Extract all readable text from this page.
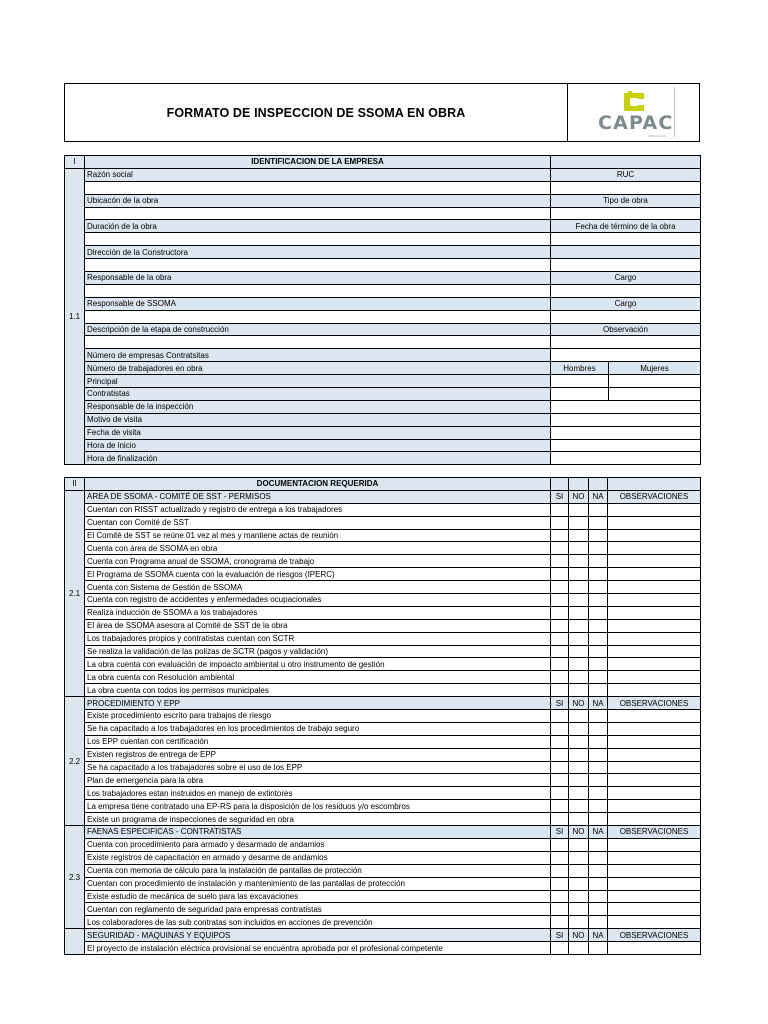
FORMATO DE INSPECCION DE SSOMA EN OBRA	CAPAC
ASOCIADOS
I	IDENTIFICACION DE LA EMPRESA		
1.1	Razón social	RUC	

	Ubicacón de la obra	Tipo de obra	

	Duración de la obra	Fecha de término de la obra	

	Dirección de la Constructora		

	Responsable de la obra	Cargo	

	Responsable de SSOMA	Cargo	

	Descripción de la etapa de construcción	Observación	

	Número de empresas Contratsitas		
	Número de trabajadores en obra	Hombres	Mujeres
	Principal		
	Contratistas		
	Responsable de la inspección		
	Motivo de visita		
	Fecha de visita		
	Hora de inicio		
	Hora de finalización		
II	DOCUMENTACION REQUERIDA				
2.1	AREA DE SSOMA - COMITÉ DE SST - PERMISOS	SI	NO	NA	OBSERVACIONES
	Cuentan con RISST actualizado y registro de entrega a los trabajadores				
	Cuentan con Comité de SST				
	El Comité de SST se reúne 01 vez al mes y mantiene actas de reunión				
	Cuenta con área de SSOMA en obra				
	Cuenta con Programa anual de SSOMA, cronograma de trabajo				
	El Programa de SSOMA cuenta con la evaluación de riesgos (IPERC)				
	Cuenta con Sistema de Gestión de SSOMA				
	Cuenta con registro de accidentes y enfermedades ocupacionales				
	Realiza inducción de SSOMA a los trabajadores				
	El área de SSOMA asesora al Comité de SST de la obra				
	Los trabajadores propios y contratistas cuentan con SCTR				
	Se realiza la validación de las polizas de SCTR (pagos y validación)				
	La obra cuenta con evaluación de impoacto ambiental u otro instrumento de gestión				
	La obra cuenta con Resolución ambiental				
	La obra cuenta con todos los permisos municipales				
2.2	PROCEDIMIENTO Y EPP	SI	NO	NA	OBSERVACIONES
	Existe procedimiento escrito para trabajos de riesgo				
	Se ha capacitado a los trabajadores en los procedimientos de trabajo seguro				
	Los EPP cuentan con certificación				
	Existen registros de entrega de EPP				
	Se ha capacitado a los trabajadores sobre el uso de los EPP				
	Plan de emergencia para la obra				
	Los trabajadores estan instruidos en manejo de extintores				
	La empresa tiene contratado una EP-RS para la disposición de los residuos y/o escombros				
	Existe un programa de inspecciones de seguridad en obra				
2.3	FAENAS ESPECIFICAS - CONTRATISTAS	SI	NO	NA	OBSERVACIONES
	Cuenta con procedimiento para armado y desarmado de andamios				
	Existe registros de capacitación en armado y desarme de andamios				
	Cuenta con memoria de cálculo para la instalación de pantallas de protección				
	Cuentan con procedimiento de instalación y mantenimiento de las pantallas de protección				
	Existe estudio de mecánica de suelo para las excavaciones				
	Cuentan con reglamento de seguridad para empresas contratistas				
	Los colaboradores de las sub contratas son incluidos en acciones de prevención				
	SEGURIDAD - MAQUINAS Y EQUIPOS	SI	NO	NA	OBSERVACIONES
	El proyecto de instalación eléctrica provisional se encuentra aprobada por el profesional competente				
